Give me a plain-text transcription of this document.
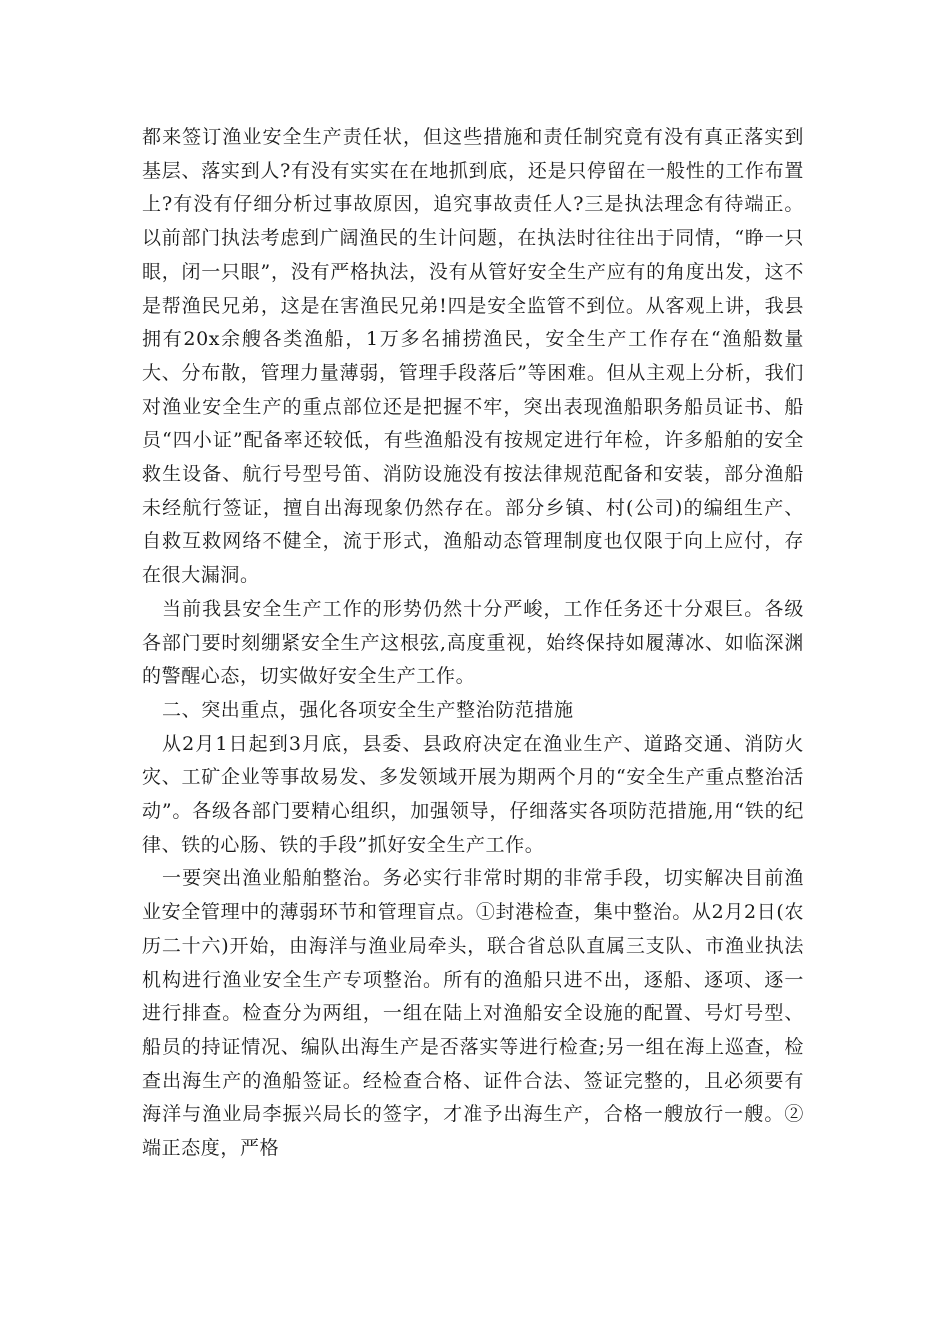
都来签订渔业安全生产责任状，但这些措施和责任制究竟有没有真正落实到基层、落实到人?有没有实实在在地抓到底，还是只停留在一般性的工作布置上?有没有仔细分析过事故原因，追究事故责任人?三是执法理念有待端正。以前部门执法考虑到广阔渔民的生计问题，在执法时往往出于同情，“睁一只眼，闭一只眼”，没有严格执法，没有从管好安全生产应有的角度出发，这不是帮渔民兄弟，这是在害渔民兄弟!四是安全监管不到位。从客观上讲，我县拥有20x余艘各类渔船，1万多名捕捞渔民，安全生产工作存在“渔船数量大、分布散，管理力量薄弱，管理手段落后”等困难。但从主观上分析，我们对渔业安全生产的重点部位还是把握不牢，突出表现渔船职务船员证书、船员“四小证”配备率还较低，有些渔船没有按规定进行年检，许多船舶的安全救生设备、航行号型号笛、消防设施没有按法律规范配备和安装，部分渔船未经航行签证，擅自出海现象仍然存在。部分乡镇、村(公司)的编组生产、自救互救网络不健全，流于形式，渔船动态管理制度也仅限于向上应付，存在很大漏洞。

当前我县安全生产工作的形势仍然十分严峻，工作任务还十分艰巨。各级各部门要时刻绷紧安全生产这根弦,高度重视，始终保持如履薄冰、如临深渊的警醒心态，切实做好安全生产工作。

二、突出重点，强化各项安全生产整治防范措施

从2月1日起到3月底，县委、县政府决定在渔业生产、道路交通、消防火灾、工矿企业等事故易发、多发领域开展为期两个月的“安全生产重点整治活动”。各级各部门要精心组织，加强领导，仔细落实各项防范措施,用“铁的纪律、铁的心肠、铁的手段”抓好安全生产工作。

一要突出渔业船舶整治。务必实行非常时期的非常手段，切实解决目前渔业安全管理中的薄弱环节和管理盲点。①封港检查，集中整治。从2月2日(农历二十六)开始，由海洋与渔业局牵头，联合省总队直属三支队、市渔业执法机构进行渔业安全生产专项整治。所有的渔船只进不出，逐船、逐项、逐一进行排查。检查分为两组，一组在陆上对渔船安全设施的配置、号灯号型、船员的持证情况、编队出海生产是否落实等进行检查;另一组在海上巡查，检查出海生产的渔船签证。经检查合格、证件合法、签证完整的，且必须要有海洋与渔业局李振兴局长的签字，才准予出海生产，合格一艘放行一艘。②端正态度，严格
